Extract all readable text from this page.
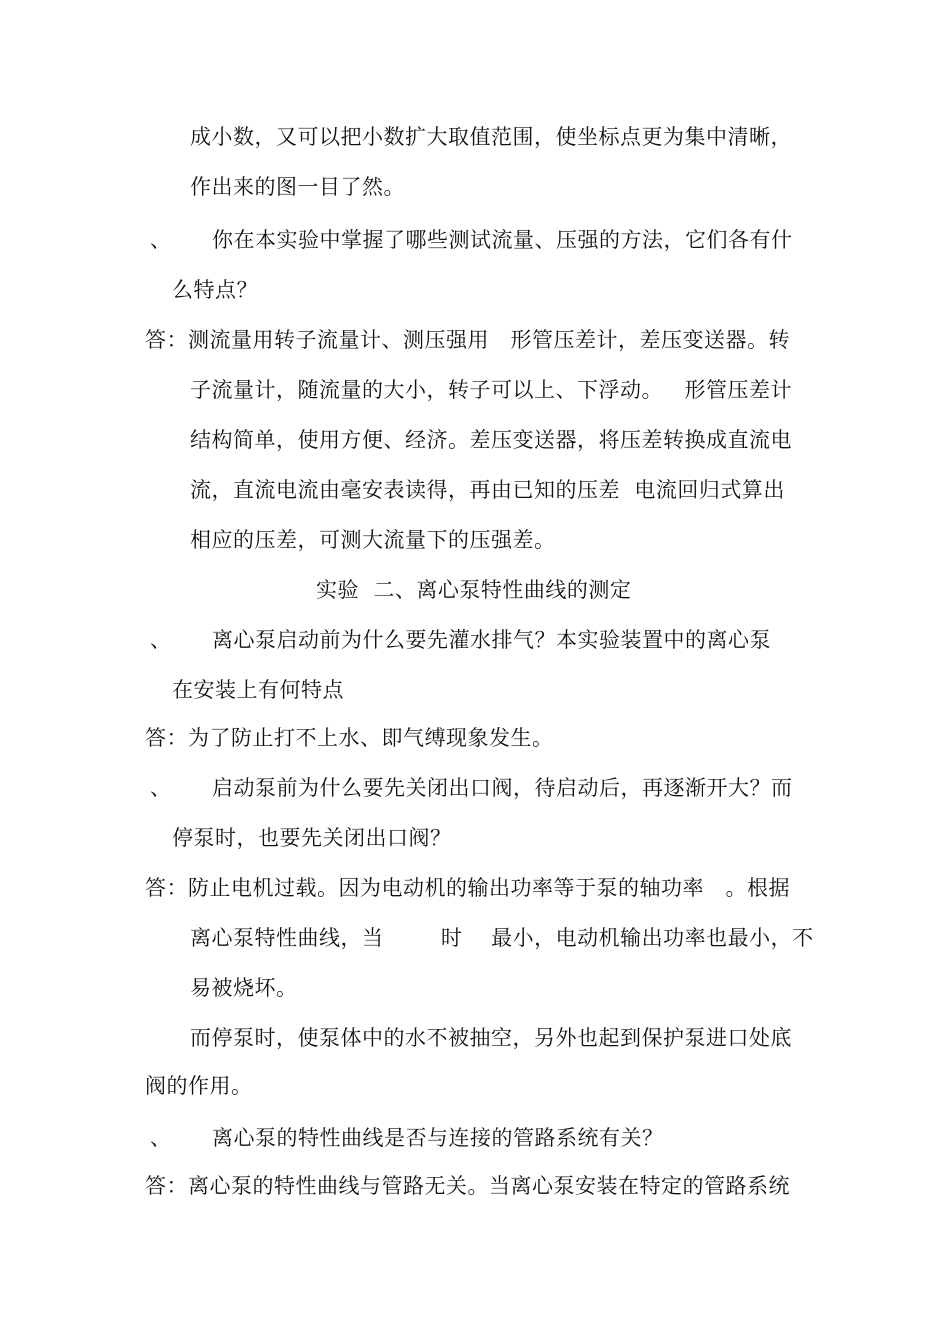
成小数，又可以把小数扩大取值范围，使坐标点更为集中清晰，
作出来的图一目了然。
、 你在本实验中掌握了哪些测试流量、压强的方法，它们各有什
么特点？
答：测流量用转子流量计、测压强用   形管压差计，差压变送器。转
子流量计，随流量的大小，转子可以上、下浮动。   形管压差计
结构简单，使用方便、经济。差压变送器，将压差转换成直流电
流，直流电流由毫安表读得，再由已知的压差  电流回归式算出
相应的压差，可测大流量下的压强差。
实验  二、离心泵特性曲线的测定
、 离心泵启动前为什么要先灌水排气？本实验装置中的离心泵
在安装上有何特点
答：为了防止打不上水、即气缚现象发生。
、 启动泵前为什么要先关闭出口阀，待启动后，再逐渐开大？而
停泵时，也要先关闭出口阀？
答：防止电机过载。因为电动机的输出功率等于泵的轴功率   。根据
离心泵特性曲线，当        时    最小，电动机输出功率也最小，不
易被烧坏。
而停泵时，使泵体中的水不被抽空，另外也起到保护泵进口处底
阀的作用。
、 离心泵的特性曲线是否与连接的管路系统有关？
答：离心泵的特性曲线与管路无关。当离心泵安装在特定的管路系统
